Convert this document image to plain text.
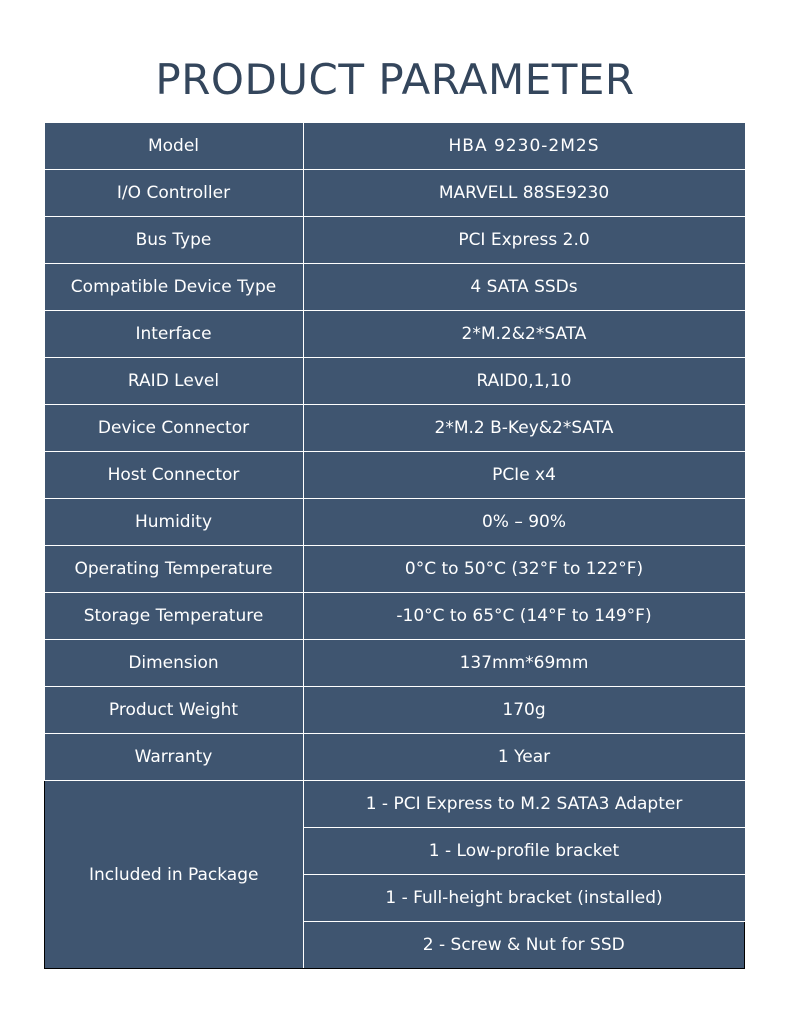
PRODUCT PARAMETER
Model	HBA 9230-2M2S
I/O Controller	MARVELL 88SE9230
Bus Type	PCI Express 2.0
Compatible Device Type	4 SATA SSDs
Interface	2*M.2&2*SATA
RAID Level	RAID0,1,10
Device Connector	2*M.2 B-Key&2*SATA
Host Connector	PCIe x4
Humidity	0% – 90%
Operating Temperature	0°C to 50°C (32°F to 122°F)
Storage Temperature	-10°C to 65°C (14°F to 149°F)
Dimension	137mm*69mm
Product Weight	170g
Warranty	1 Year
Included in Package	1 - PCI Express to M.2 SATA3 Adapter
	1 - Low-profile bracket
	1 - Full-height bracket (installed)
	2 - Screw & Nut for SSD
